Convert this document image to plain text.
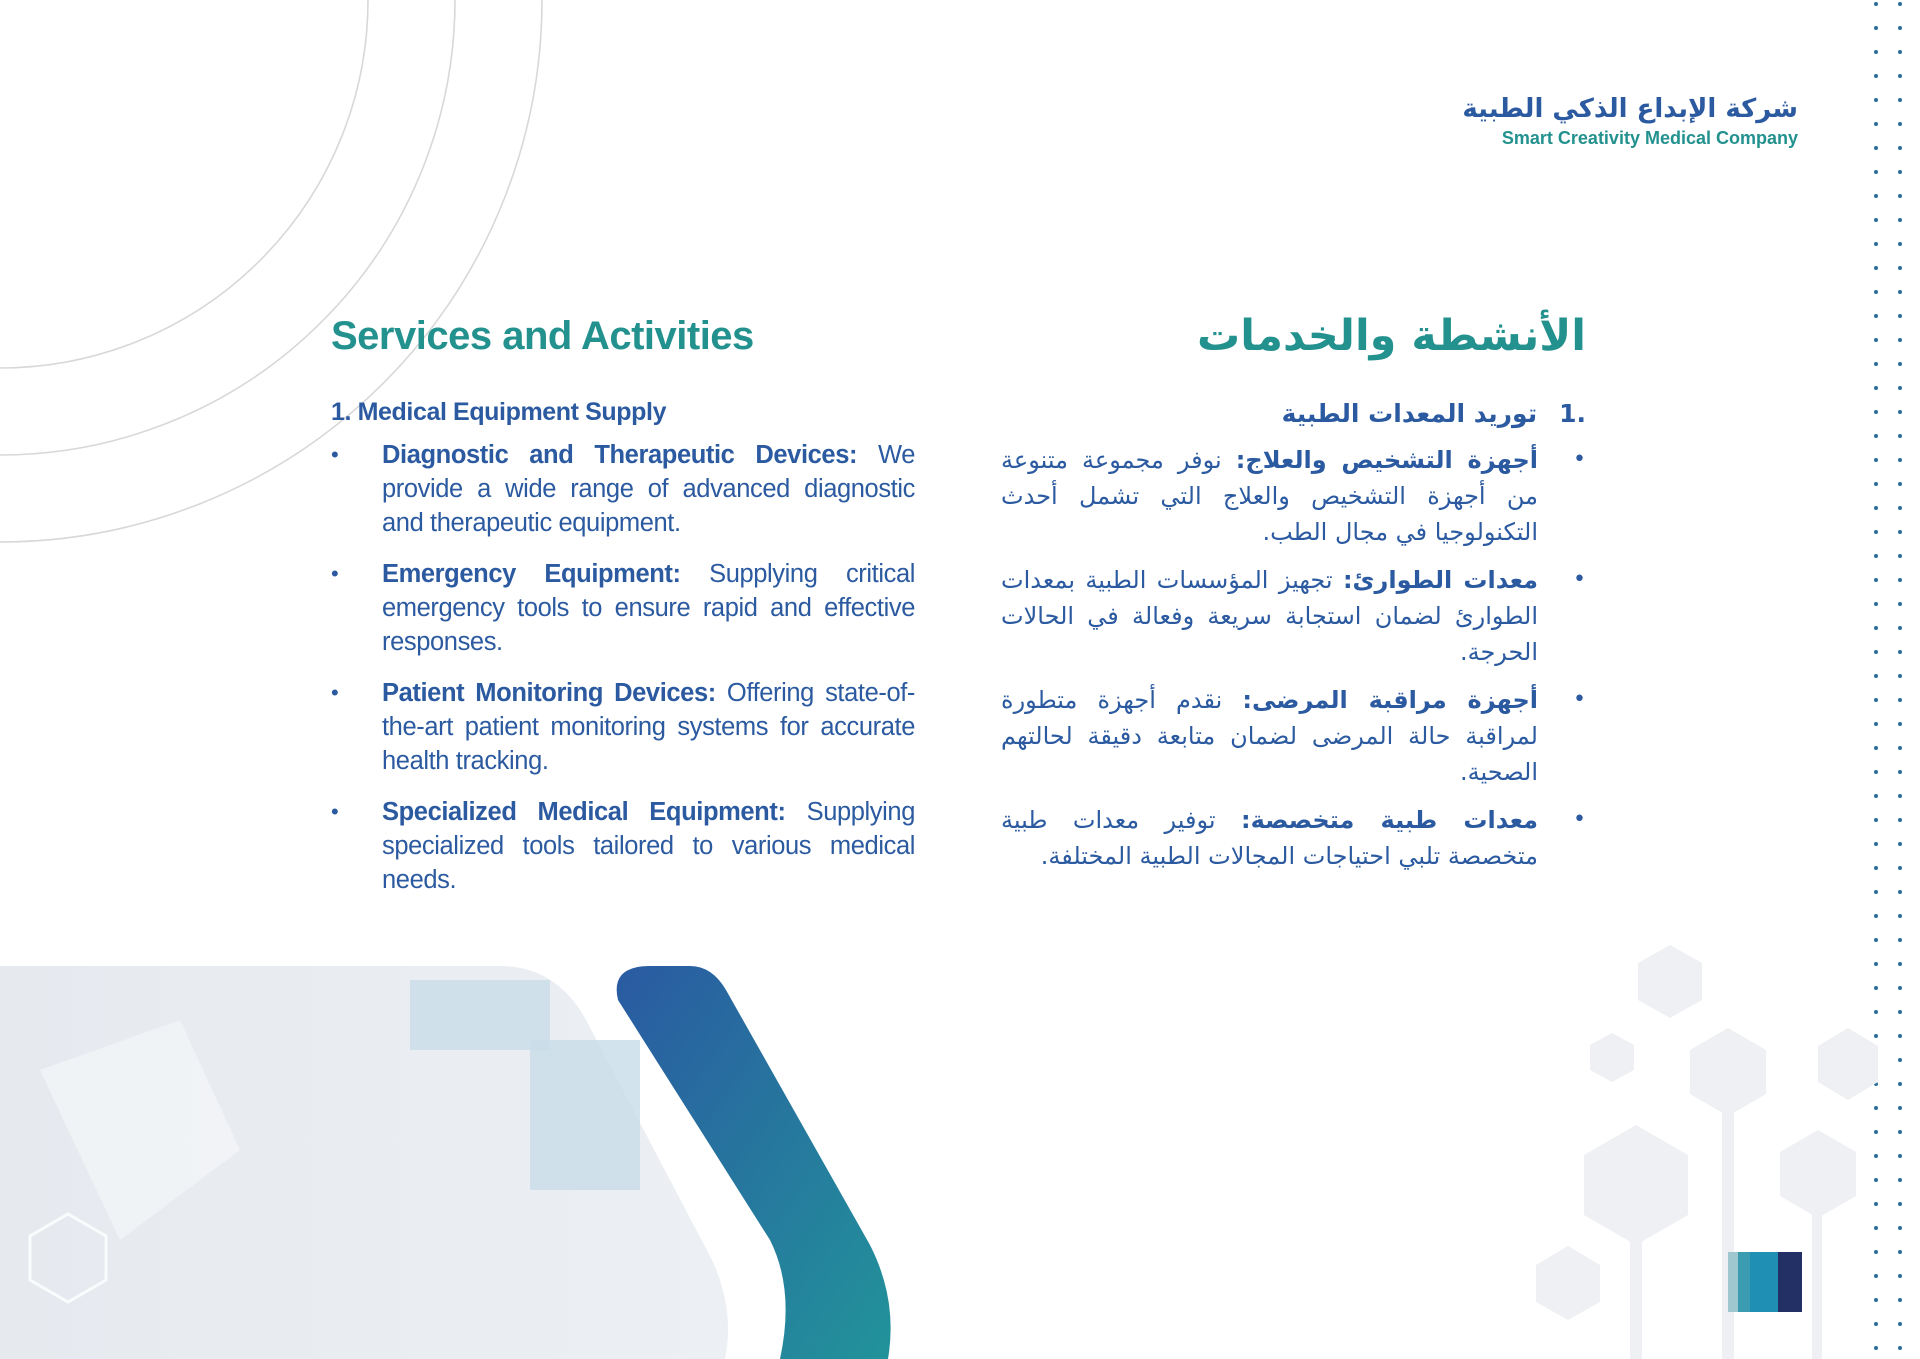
شركة الإبداع الذكي الطبية
Smart Creativity Medical Company
Services and Activities
1. Medical Equipment Supply
• Diagnostic and Therapeutic Devices: We provide a wide range of advanced diagnostic and therapeutic equipment.
• Emergency Equipment: Supplying critical emergency tools to ensure rapid and effective responses.
• Patient Monitoring Devices: Offering state-of-the-art patient monitoring systems for accurate health tracking.
• Specialized Medical Equipment: Supplying specialized tools tailored to various medical needs.
الأنشطة والخدمات
.1
توريد المعدات الطبية
• أجهزة التشخيص والعلاج: نوفر مجموعة متنوعة من أجهزة التشخيص والعلاج التي تشمل أحدث التكنولوجيا في مجال الطب.
• معدات الطوارئ: تجهيز المؤسسات الطبية بمعدات الطوارئ لضمان استجابة سريعة وفعالة في الحالات الحرجة.
• أجهزة مراقبة المرضى: نقدم أجهزة متطورة لمراقبة حالة المرضى لضمان متابعة دقيقة لحالتهم الصحية.
• معدات طبية متخصصة: توفير معدات طبية متخصصة تلبي احتياجات المجالات الطبية المختلفة.
